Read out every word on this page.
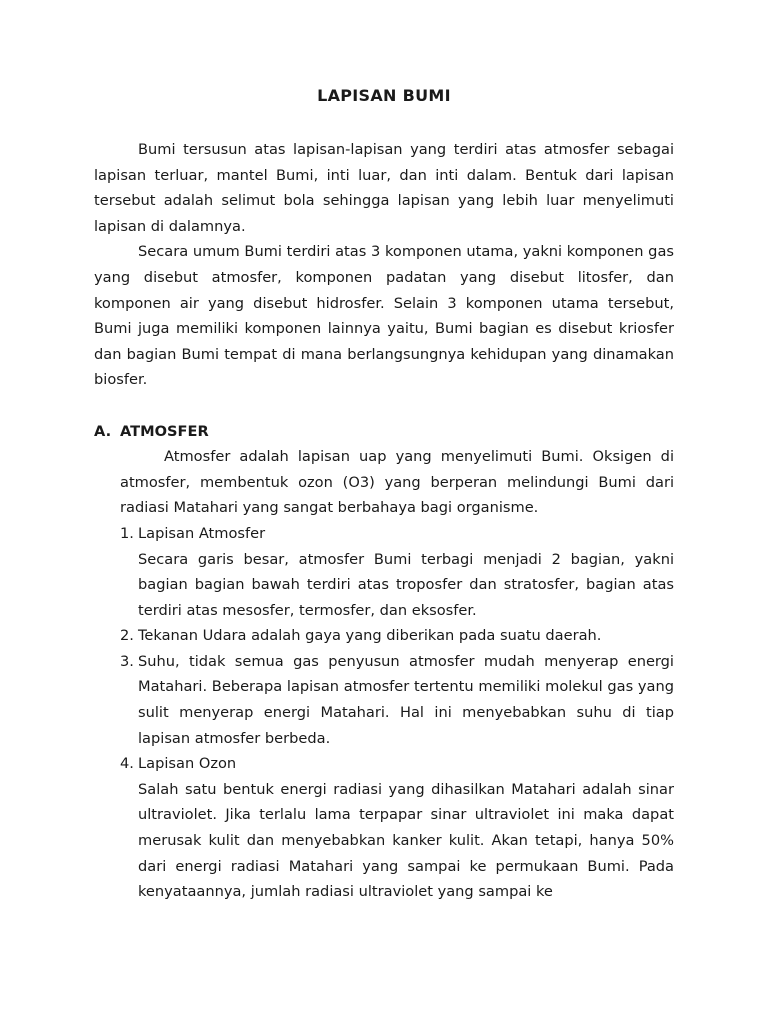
LAPISAN BUMI

Bumi tersusun atas lapisan-lapisan yang terdiri atas atmosfer sebagai lapisan terluar, mantel Bumi, inti luar, dan inti dalam. Bentuk dari lapisan tersebut adalah selimut bola sehingga lapisan yang lebih luar menyelimuti lapisan di dalamnya.

Secara umum Bumi terdiri atas 3 komponen utama, yakni komponen gas yang disebut atmosfer, komponen padatan yang disebut litosfer, dan komponen air yang disebut hidrosfer. Selain 3 komponen utama tersebut, Bumi juga memiliki komponen lainnya yaitu, Bumi bagian es disebut kriosfer dan bagian Bumi tempat di mana berlangsungnya kehidupan yang dinamakan biosfer.

A. ATMOSFER

Atmosfer adalah lapisan uap yang menyelimuti Bumi. Oksigen di atmosfer, membentuk ozon (O3) yang berperan melindungi Bumi dari radiasi Matahari yang sangat berbahaya bagi organisme.

1. Lapisan Atmosfer

Secara garis besar, atmosfer Bumi terbagi menjadi 2 bagian, yakni bagian bagian bawah terdiri atas troposfer dan stratosfer, bagian atas terdiri atas mesosfer, termosfer, dan eksosfer.

2. Tekanan Udara adalah gaya yang diberikan pada suatu daerah.

3. Suhu, tidak semua gas penyusun atmosfer mudah menyerap energi Matahari. Beberapa lapisan atmosfer tertentu memiliki molekul gas yang sulit menyerap energi Matahari. Hal ini menyebabkan suhu di tiap lapisan atmosfer berbeda.

4. Lapisan Ozon

Salah satu bentuk energi radiasi yang dihasilkan Matahari adalah sinar ultraviolet. Jika terlalu lama terpapar sinar ultraviolet ini maka dapat merusak kulit dan menyebabkan kanker kulit. Akan tetapi, hanya 50% dari energi radiasi Matahari yang sampai ke permukaan Bumi. Pada kenyataannya, jumlah radiasi ultraviolet yang sampai ke
